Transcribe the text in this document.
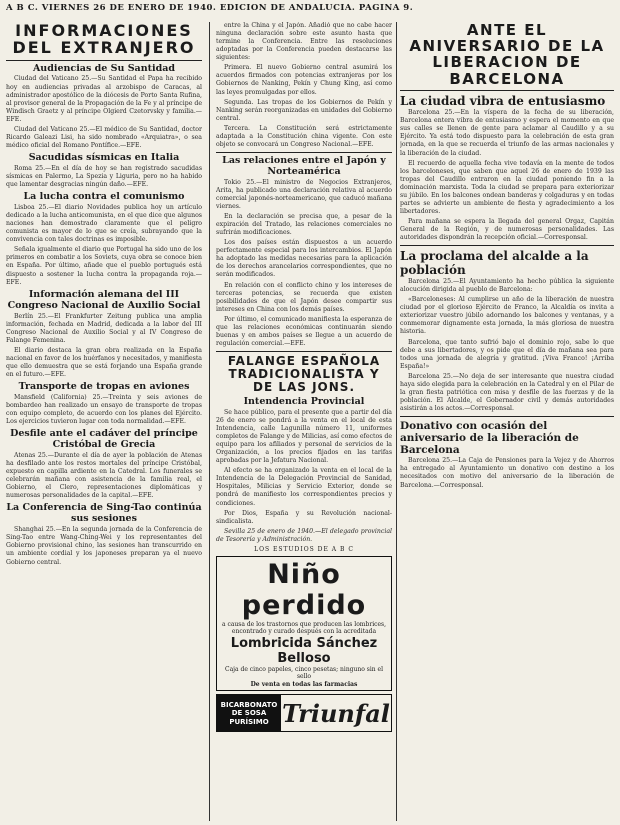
A B C. VIERNES 26 DE ENERO DE 1940. EDICION DE ANDALUCIA. PAGINA 9.
INFORMACIONES DEL EXTRANJERO
Audiencias de Su Santidad

Ciudad del Vaticano 25.—Su Santidad el Papa ha recibido hoy en audiencias privadas al arzobispo de Caracas, al administrador apostólico de la diócesis de Porto Santa Rufina, al provisor general de la Propagación de la Fe y al príncipe de Windisch Graetz y al príncipe Olgierd Czetorvsky y familia.—EFE.

Ciudad del Vaticano 25.—El médico de Su Santidad, doctor Ricardo Galeazi Lisi, ha sido nombrado «Arquiatra», o sea médico oficial del Romano Pontífice.—EFE.

Sacudidas sísmicas en Italia

Roma 25.—En el día de hoy se han registrado sacudidas sísmicas en Palermo, La Spezia y Liguria, pero no ha habido que lamentar desgracias ningún daño.—EFE.

La lucha contra el comunismo

Lisboa 25.—El diario Novidades publica hoy un artículo dedicado a la lucha anticomunista, en el que dice que algunos naciones han demostrado claramente que el peligro comunista es mayor de lo que se creía, subrayando que la convivencia con tales doctrinas es imposible.

Señala igualmente el diario que Portugal ha sido uno de los primeros en combatir a los Soviets, cuya obra se conoce bien en España. Por último, añade que el pueblo portugués está dispuesto a sostener la lucha contra la propaganda roja.—EFE.

Información alemana del III Congreso Nacional de Auxilio Social

Berlín 25.—El Frankfurter Zeitung publica una amplia información, fechada en Madrid, dedicada a la labor del III Congreso Nacional de Auxilio Social y al IV Congreso de Falange Femenina.

El diario destaca la gran obra realizada en la España nacional en favor de los huérfanos y necesitados, y manifiesta que ello demuestra que se está forjando una España grande en el futuro.—EFE.

Transporte de tropas en aviones

Mansfield (California) 25.—Treinta y seis aviones de bombardeo han realizado un ensayo de transporte de tropas con equipo completo, de acuerdo con los planes del Ejército. Los ejercicios tuvieron lugar con toda normalidad.—EFE.

Desfile ante el cadáver del príncipe Cristóbal de Grecia

Atenas 25.—Durante el día de ayer la población de Atenas ha desfilado ante los restos mortales del príncipe Cristóbal, expuesto en capilla ardiente en la Catedral. Los funerales se celebrarán mañana con asistencia de la familia real, el Gobierno, el Clero, representaciones diplomáticas y numerosas personalidades de la capital.—EFE.

La Conferencia de Sing-Tao continúa sus sesiones

Shanghai 25.—En la segunda jornada de la Conferencia de Sing-Tao entre Wang-Ching-Wei y los representantes del Gobierno provisional chino, las sesiones han transcurrido en un ambiente cordial y los japoneses preparan ya el nuevo Gobierno central.

entre la China y el Japón. Añadió que no cabe hacer ninguna declaración sobre este asunto hasta que termine la Conferencia. Entre las resoluciones adoptadas por la Conferencia pueden destacarse las siguientes:

Primera. El nuevo Gobierno central asumirá los acuerdos firmados con potencias extranjeras por los Gobiernos de Nanking, Pekín y Chung King, así como las leyes promulgadas por ellos.

Segunda. Las tropas de los Gobiernos de Pekín y Nanking serán reorganizadas en unidades del Gobierno central.

Tercera. La Constitución será estrictamente adaptada a la Constitución china vigente. Con este objeto se convocará un Congreso Nacional.—EFE.

Las relaciones entre el Japón y Norteamérica

Tokio 25.—El ministro de Negocios Extranjeros, Arita, ha publicado una declaración relativa al acuerdo comercial japonés-norteamericano, que caducó mañana viernes.

En la declaración se precisa que, a pesar de la expiración del Tratado, las relaciones comerciales no sufrirán modificaciones.

Los dos países están dispuestos a un acuerdo perfectamente especial para los intercambios. El Japón ha adoptado las medidas necesarias para la aplicación de los derechos arancelarios correspondientes, que no serán modificados.

En relación con el conflicto chino y los intereses de terceras potencias, se recuerda que existen posibilidades de que el Japón desee compartir sus intereses en China con los demás países.

Por último, el comunicado manifiesta la esperanza de que las relaciones económicas continuarán siendo buenas y en ambos países se llegue a un acuerdo de regulación comercial.—EFE.

FALANGE ESPAÑOLA TRADICIONALISTA Y DE LAS JONS.
Intendencia Provincial

Se hace público, para el presente que a partir del día 26 de enero se pondrá a la venta en el local de esta Intendencia, calle Lagunilla número 11, uniformes completos de Falange y de Milicias, así como efectos de equipo para los afiliados y personal de servicios de la Organización, a los precios fijados en las tarifas aprobadas por la Jefatura Nacional.

Al efecto se ha organizado la venta en el local de la Intendencia de la Delegación Provincial de Sanidad, Hospitales, Milicias y Servicio Exterior, donde se pondrá de manifiesto los correspondientes precios y condiciones.

Por Dios, España y su Revolución nacional-sindicalista.

Sevilla 25 de enero de 1940.—El delegado provincial de Tesorería y Administración.

LOS ESTUDIOS DE A B C
Niño perdido
a causa de los trastornos que producen las lombrices, encontrado y curado después con la acreditada
Lombricida Sánchez Belloso
Caja de cinco papeles, cinco pesetas; ninguno sin el sello
De venta en todas las farmacias
BICARBONATO
DE SOSA
PURÍSIMO Triunfal
ANTE EL ANIVERSARIO DE LA LIBERACION DE BARCELONA
La ciudad vibra de entusiasmo

Barcelona 25.—En la víspera de la fecha de su liberación, Barcelona entera vibra de entusiasmo y espera el momento en que sus calles se llenen de gente para aclamar al Caudillo y a su Ejército. Ya está todo dispuesto para la celebración de esta gran jornada, en la que se recuerda el triunfo de las armas nacionales y la liberación de la ciudad.

El recuerdo de aquella fecha vive todavía en la mente de todos los barceloneses, que saben que aquel 26 de enero de 1939 las tropas del Caudillo entraron en la ciudad poniendo fin a la dominación marxista. Toda la ciudad se prepara para exteriorizar su júbilo. En los balcones ondean banderas y colgaduras y en todas partes se advierte un ambiente de fiesta y agradecimiento a los libertadores.

Para mañana se espera la llegada del general Orgaz, Capitán General de la Región, y de numerosas personalidades. Las autoridades dispondrán la recepción oficial.—Corresponsal.

La proclama del alcalde a la población

Barcelona 25.—El Ayuntamiento ha hecho pública la siguiente alocución dirigida al pueblo de Barcelona:

«Barceloneses: Al cumplirse un año de la liberación de nuestra ciudad por el glorioso Ejército de Franco, la Alcaldía os invita a exteriorizar vuestro júbilo adornando los balcones y ventanas, y a conmemorar dignamente esta jornada, la más gloriosa de nuestra historia.

Barcelona, que tanto sufrió bajo el dominio rojo, sabe lo que debe a sus libertadores, y os pide que el día de mañana sea para todos una jornada de alegría y gratitud. ¡Viva Franco! ¡Arriba España!»

Barcelona 25.—No deja de ser interesante que nuestra ciudad haya sido elegida para la celebración en la Catedral y en el Pilar de la gran fiesta patriótica con misa y desfile de las fuerzas y de la población. El Alcalde, el Gobernador civil y demás autoridades asistirán a los actos.—Corresponsal.

Donativo con ocasión del aniversario de la liberación de Barcelona

Barcelona 25.—La Caja de Pensiones para la Vejez y de Ahorros ha entregado al Ayuntamiento un donativo con destino a los necesitados con motivo del aniversario de la liberación de Barcelona.—Corresponsal.
